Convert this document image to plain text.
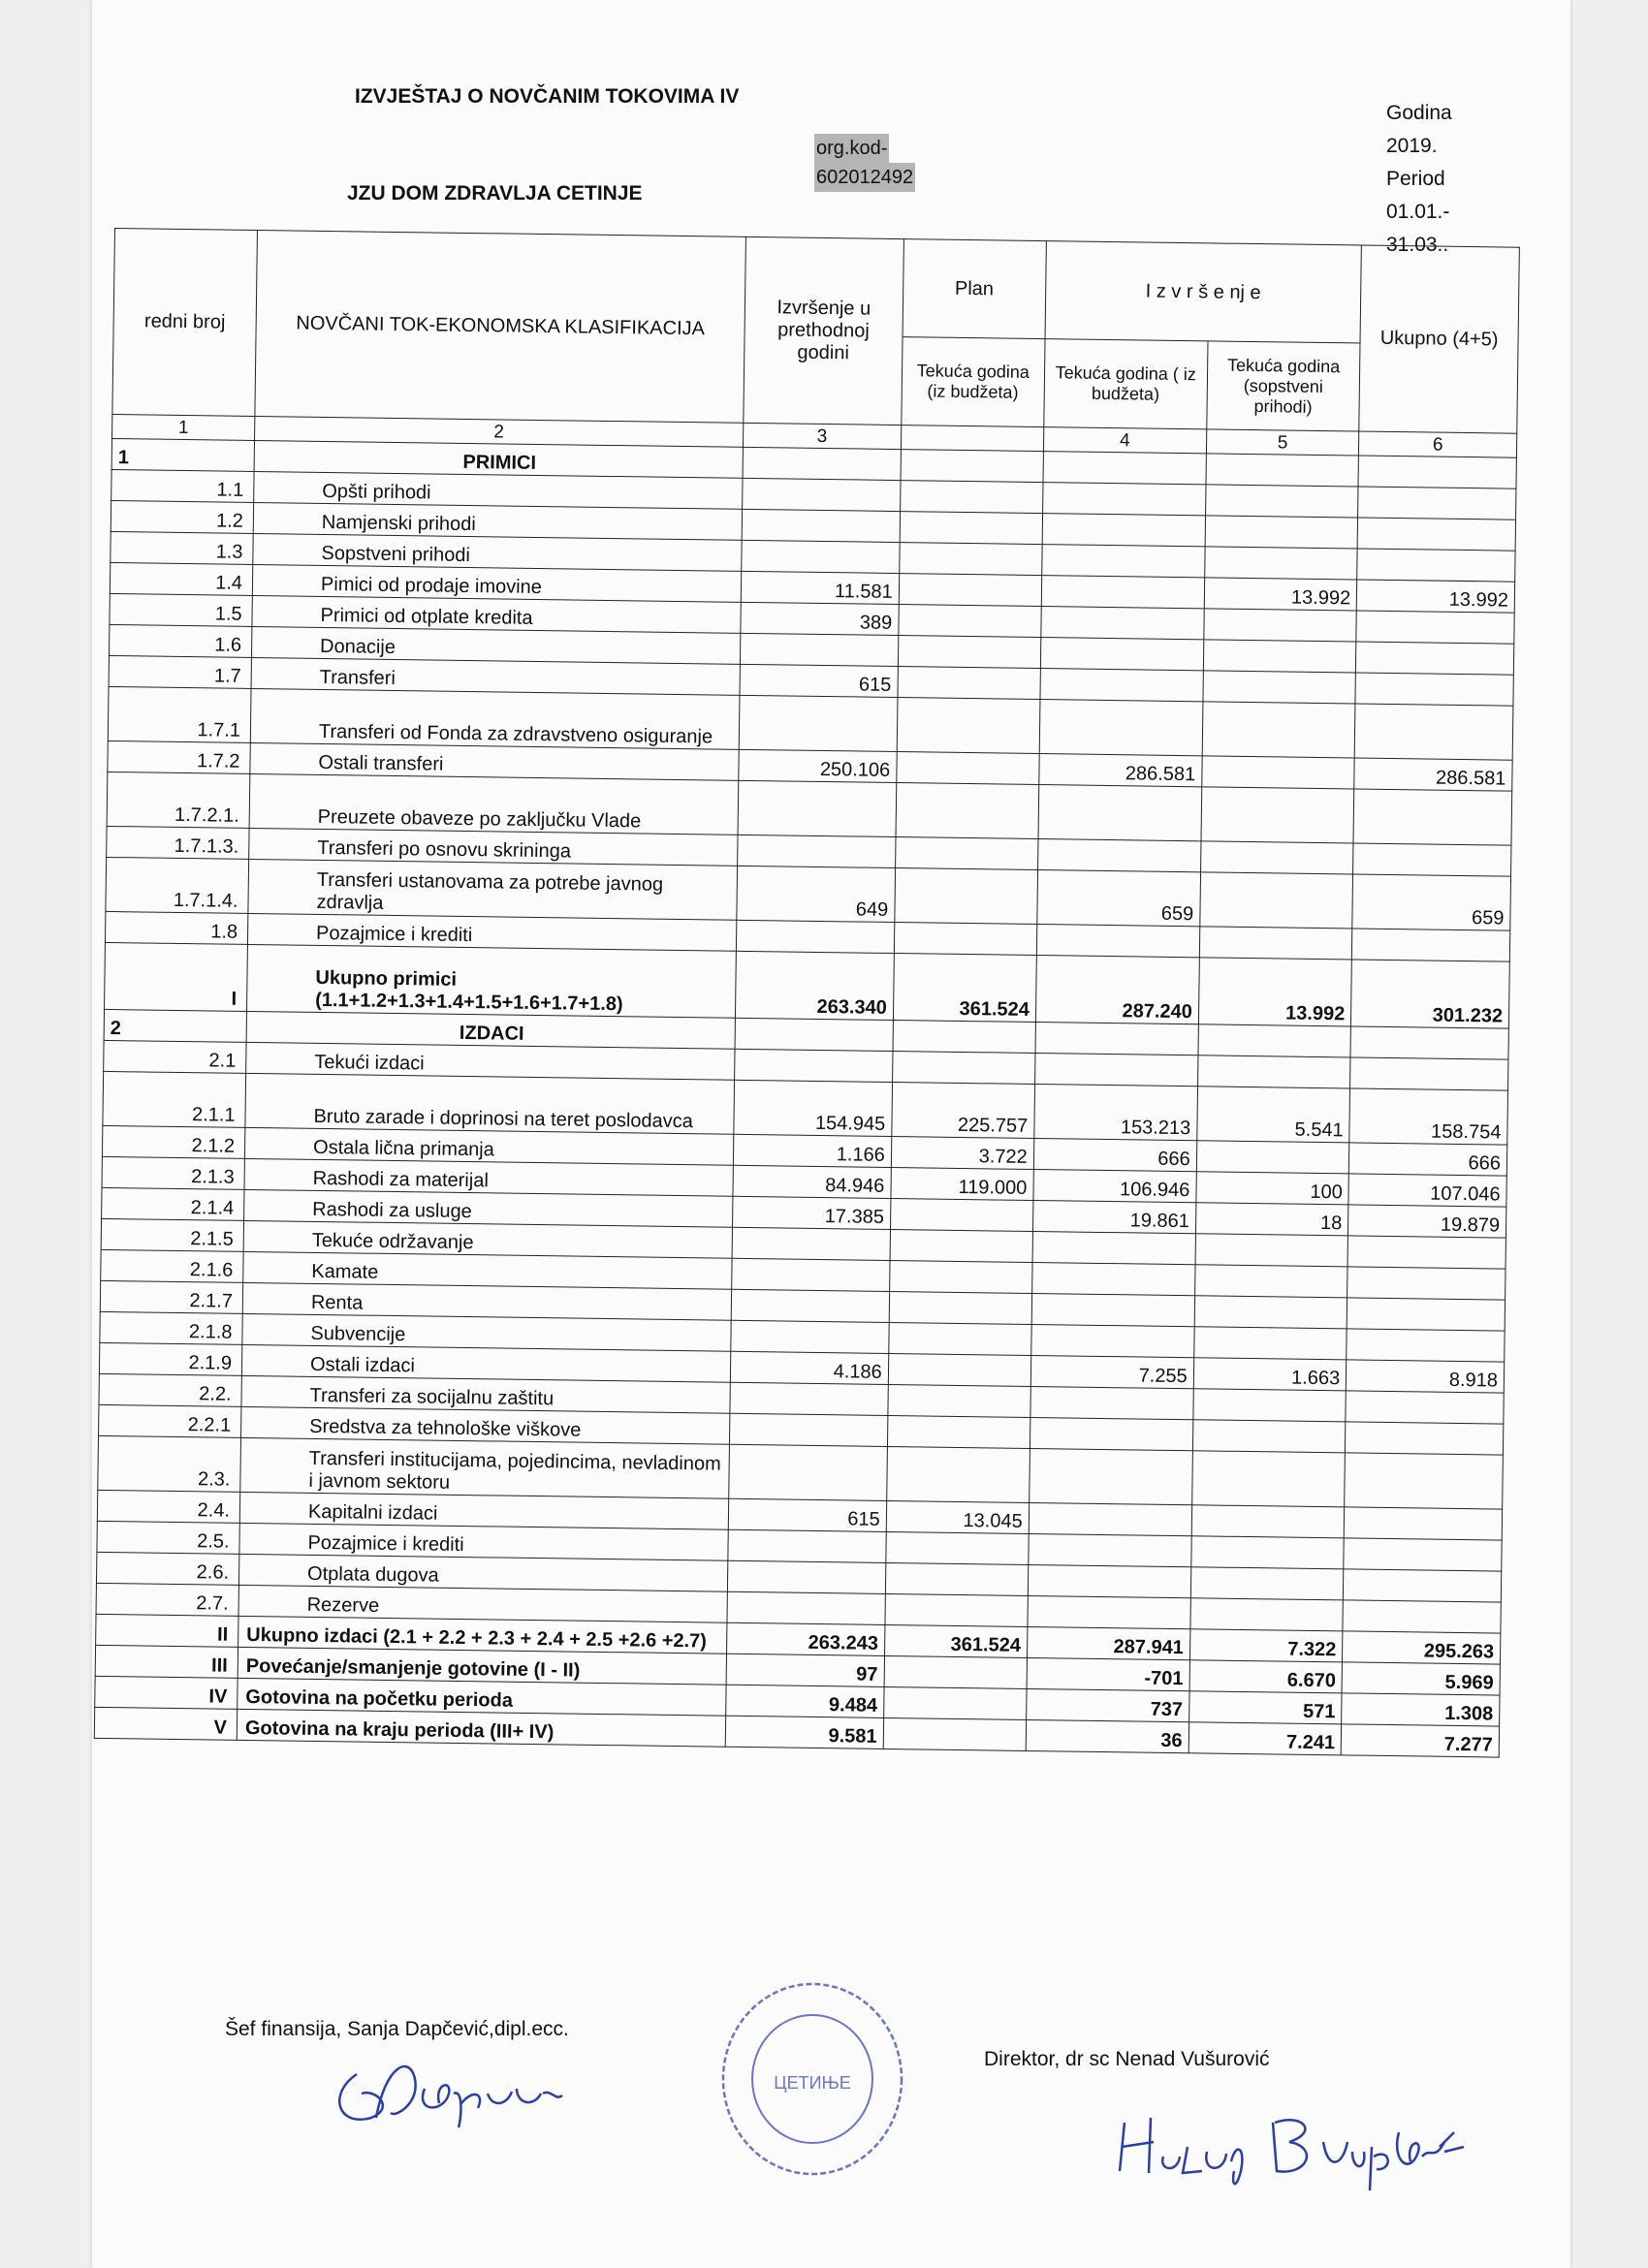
IZVJEŠTAJ O NOVČANIM TOKOVIMA IV
JZU DOM ZDRAVLJA CETINJE
org.kod-
602012492
Godina
2019.
Period
01.01.-
31.03..
redni broj	NOVČANI TOK-EKONOMSKA KLASIFIKACIJA	Izvršenje u prethodnoj godini	Plan	I z v r š e nj e		Ukupno (4+5)
			Tekuća godina (iz budžeta)	Tekuća godina ( iz budžeta)	Tekuća godina (sopstveni prihodi)	
1	2	3		4	5	6
1	PRIMICI					
1.1	Opšti prihodi					
1.2	Namjenski prihodi					
1.3	Sopstveni prihodi					
1.4	Pimici od prodaje imovine	11.581			13.992	13.992
1.5	Primici od otplate kredita	389				
1.6	Donacije					
1.7	Transferi	615				
1.7.1	Transferi od Fonda za zdravstveno osiguranje					
1.7.2	Ostali transferi	250.106		286.581		286.581
1.7.2.1.	Preuzete obaveze po zaključku Vlade					
1.7.1.3.	Transferi po osnovu skrininga					
1.7.1.4.	Transferi ustanovama za potrebe javnog zdravlja	649		659		659
1.8	Pozajmice i krediti					
I	Ukupno primici (1.1+1.2+1.3+1.4+1.5+1.6+1.7+1.8)	263.340	361.524	287.240	13.992	301.232
2	IZDACI					
2.1	Tekući izdaci					
2.1.1	Bruto zarade i doprinosi na teret poslodavca	154.945	225.757	153.213	5.541	158.754
2.1.2	Ostala lična primanja	1.166	3.722	666		666
2.1.3	Rashodi za materijal	84.946	119.000	106.946	100	107.046
2.1.4	Rashodi za usluge	17.385		19.861	18	19.879
2.1.5	Tekuće održavanje					
2.1.6	Kamate					
2.1.7	Renta					
2.1.8	Subvencije					
2.1.9	Ostali izdaci	4.186		7.255	1.663	8.918
2.2.	Transferi za socijalnu zaštitu					
2.2.1	Sredstva za tehnološke viškove					
2.3.	Transferi institucijama, pojedincima, nevladinom i javnom sektoru					
2.4.	Kapitalni izdaci	615	13.045			
2.5.	Pozajmice i krediti					
2.6.	Otplata dugova					
2.7.	Rezerve					
II	Ukupno izdaci (2.1 + 2.2 + 2.3 + 2.4 + 2.5 +2.6 +2.7)	263.243	361.524	287.941	7.322	295.263
III	Povećanje/smanjenje gotovine (I - II)	97		-701	6.670	5.969
IV	Gotovina na početku perioda	9.484		737	571	1.308
V	Gotovina na kraju perioda (III+ IV)	9.581		36	7.241	7.277
Šef finansija, Sanja Dapčević,dipl.ecc.
Direktor, dr sc Nenad Vušurović
ЦЕТИЊЕ
